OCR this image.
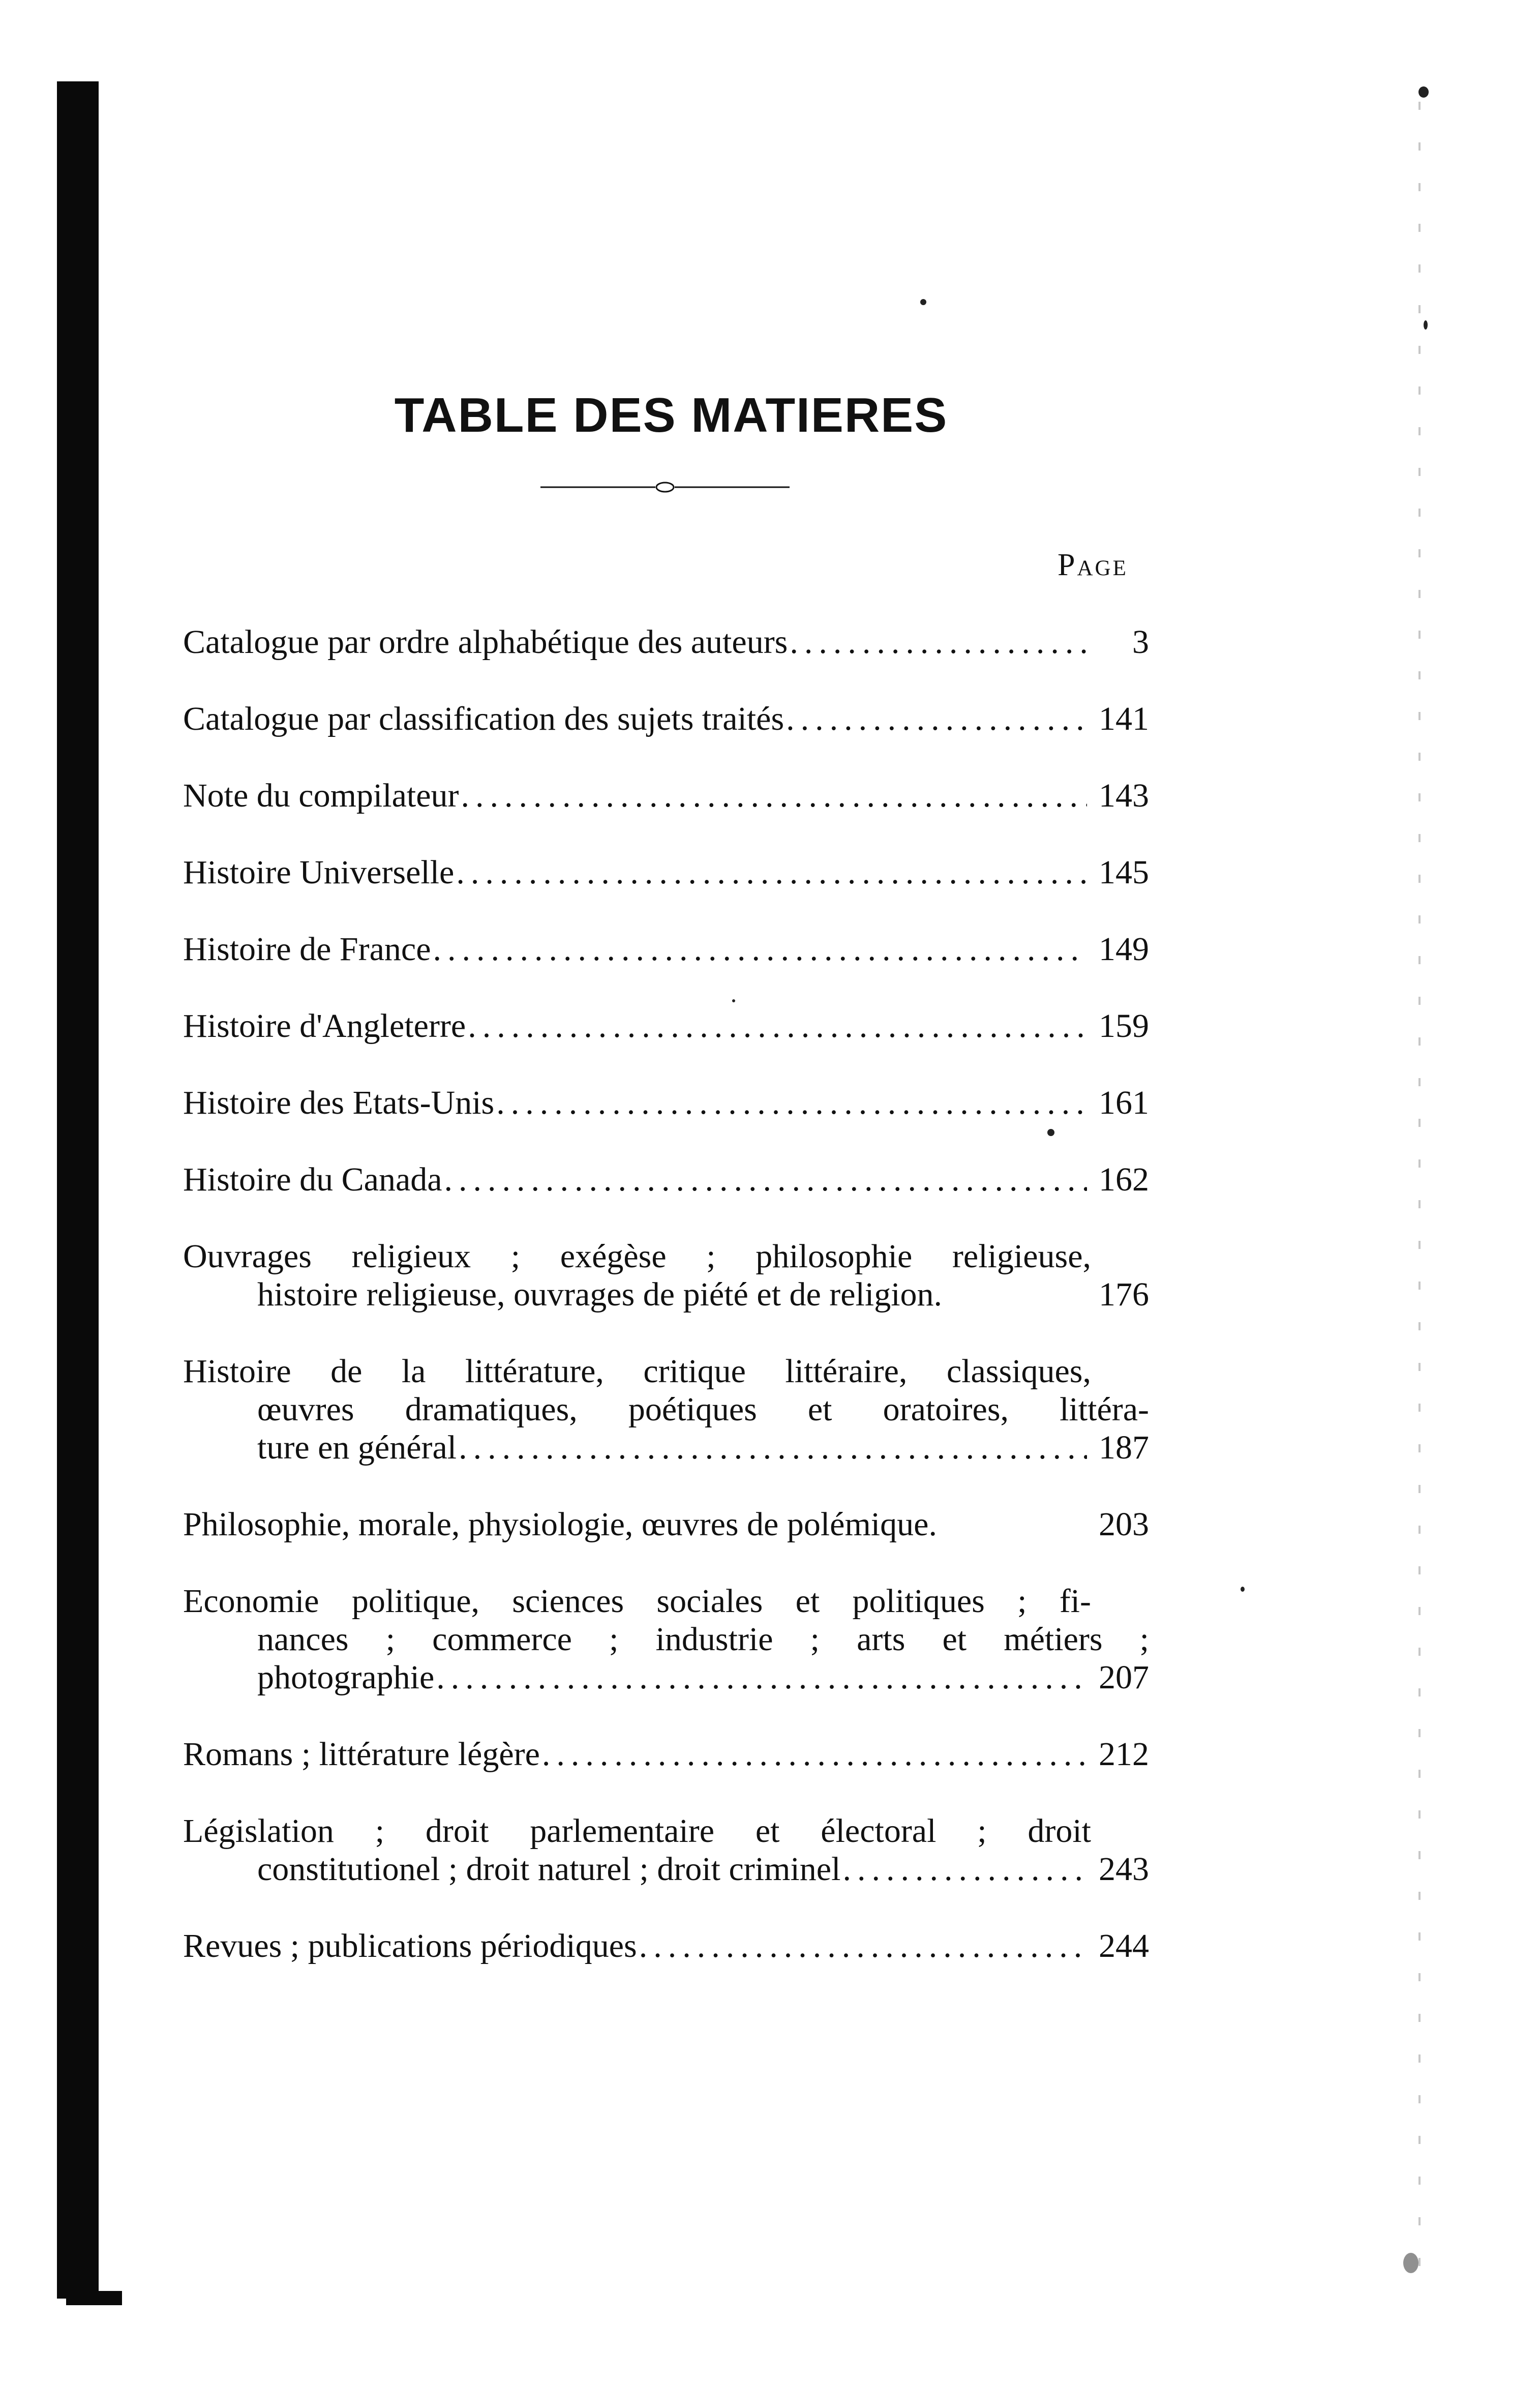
TABLE DES MATIERES
Page
Catalogue par ordre alphabétique des auteurs .....	3
Catalogue par classification des sujets traités .....	141
Note du compilateur .....	143
Histoire Universelle .....	145
Histoire de France .....	149
Histoire d'Angleterre .....	159
Histoire des Etats-Unis .....	161
Histoire du Canada .....	162
Ouvrages religieux ; exégèse ; philosophie religieuse,
histoire religieuse, ouvrages de piété et de religion.	176
Histoire de la littérature, critique littéraire, classiques,
œuvres dramatiques, poétiques et oratoires, littéra-
ture en général .....	187
Philosophie, morale, physiologie, œuvres de polémique.	203
Economie politique, sciences sociales et politiques ; fi-
nances ; commerce ; industrie ; arts et métiers ;
photographie .....	207
Romans ; littérature légère .....	212
Législation ; droit parlementaire et électoral ; droit
constitutionel ; droit naturel ; droit criminel .....	243
Revues ; publications périodiques .....	244
